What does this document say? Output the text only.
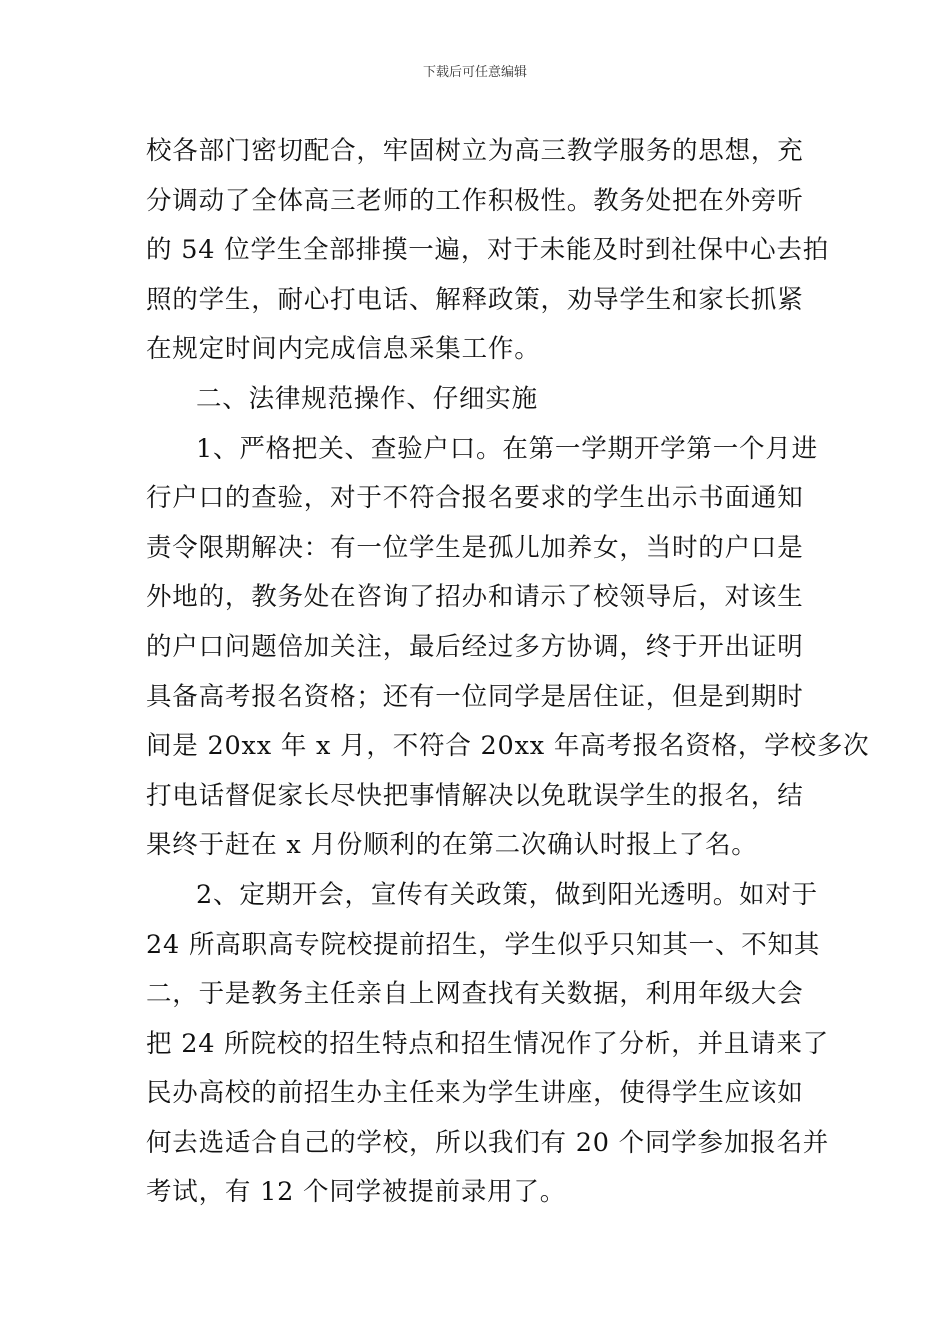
下载后可任意编辑
校各部门密切配合，牢固树立为高三教学服务的思想，充
分调动了全体高三老师的工作积极性。教务处把在外旁听
的 54 位学生全部排摸一遍，对于未能及时到社保中心去拍
照的学生，耐心打电话、解释政策，劝导学生和家长抓紧
在规定时间内完成信息采集工作。
二、法律规范操作、仔细实施
1、严格把关、查验户口。在第一学期开学第一个月进
行户口的查验，对于不符合报名要求的学生出示书面通知
责令限期解决：有一位学生是孤儿加养女，当时的户口是
外地的，教务处在咨询了招办和请示了校领导后，对该生
的户口问题倍加关注，最后经过多方协调，终于开出证明
具备高考报名资格；还有一位同学是居住证，但是到期时
间是 20xx 年 x 月，不符合 20xx 年高考报名资格，学校多次
打电话督促家长尽快把事情解决以免耽误学生的报名，结
果终于赶在 x 月份顺利的在第二次确认时报上了名。
2、定期开会，宣传有关政策，做到阳光透明。如对于
24 所高职高专院校提前招生，学生似乎只知其一、不知其
二，于是教务主任亲自上网查找有关数据，利用年级大会
把 24 所院校的招生特点和招生情况作了分析，并且请来了
民办高校的前招生办主任来为学生讲座，使得学生应该如
何去选适合自己的学校，所以我们有 20 个同学参加报名并
考试，有 12 个同学被提前录用了。
